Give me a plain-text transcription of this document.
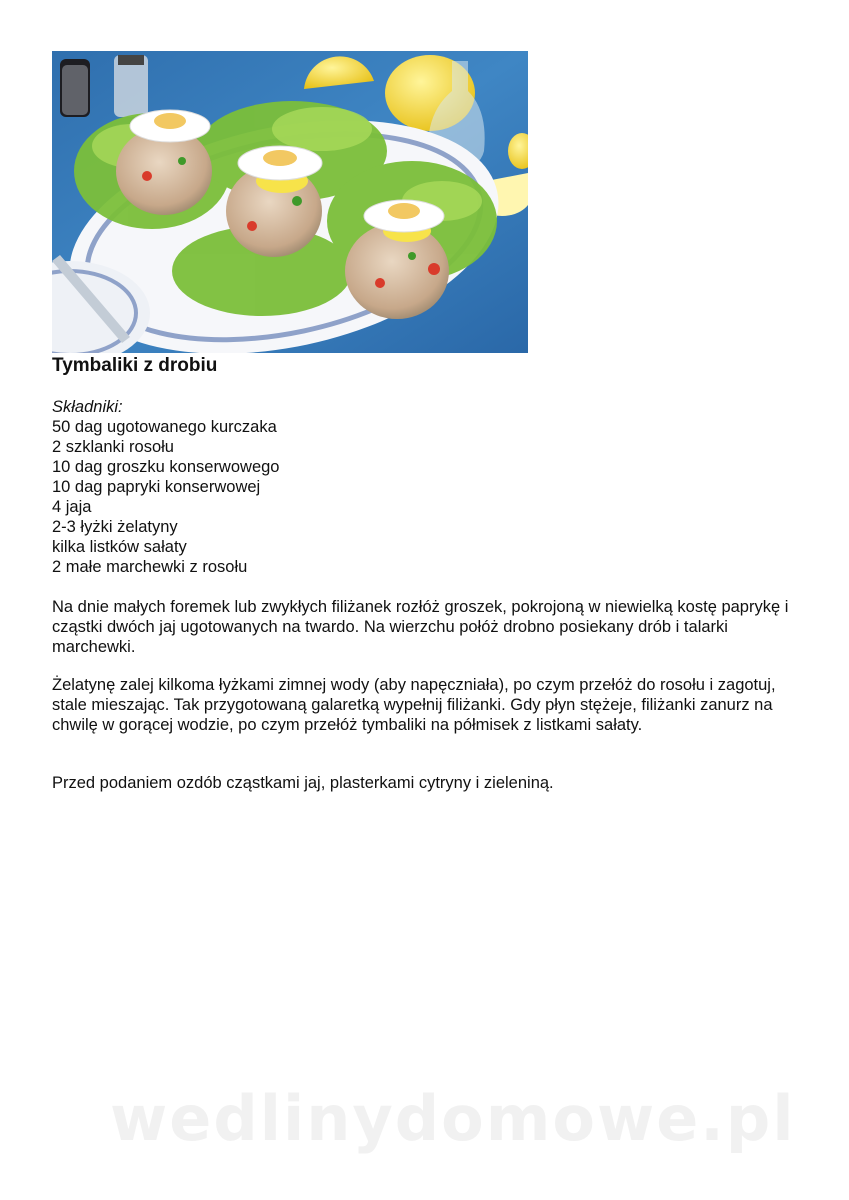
Tymbaliki z drobiu
Składniki:
50 dag ugotowanego kurczaka
2 szklanki rosołu
10 dag groszku konserwowego
10 dag papryki konserwowej
4 jaja
2-3 łyżki żelatyny
kilka listków sałaty
2 małe marchewki z rosołu

Na dnie małych foremek lub zwykłych filiżanek rozłóż groszek, pokrojoną w niewielką kostę paprykę i cząstki dwóch jaj ugotowanych na twardo. Na wierzchu połóż drobno posiekany drób i talarki marchewki.

Żelatynę zalej kilkoma łyżkami zimnej wody (aby napęczniała), po czym przełóż do rosołu i zagotuj, stale mieszając. Tak przygotowaną galaretką wypełnij filiżanki. Gdy płyn stężeje, filiżanki zanurz na chwilę w gorącej wodzie, po czym przełóż tymbaliki na półmisek z listkami sałaty.

Przed podaniem ozdób cząstkami jaj, plasterkami cytryny i zieleniną.

wedlinydomowe.pl
